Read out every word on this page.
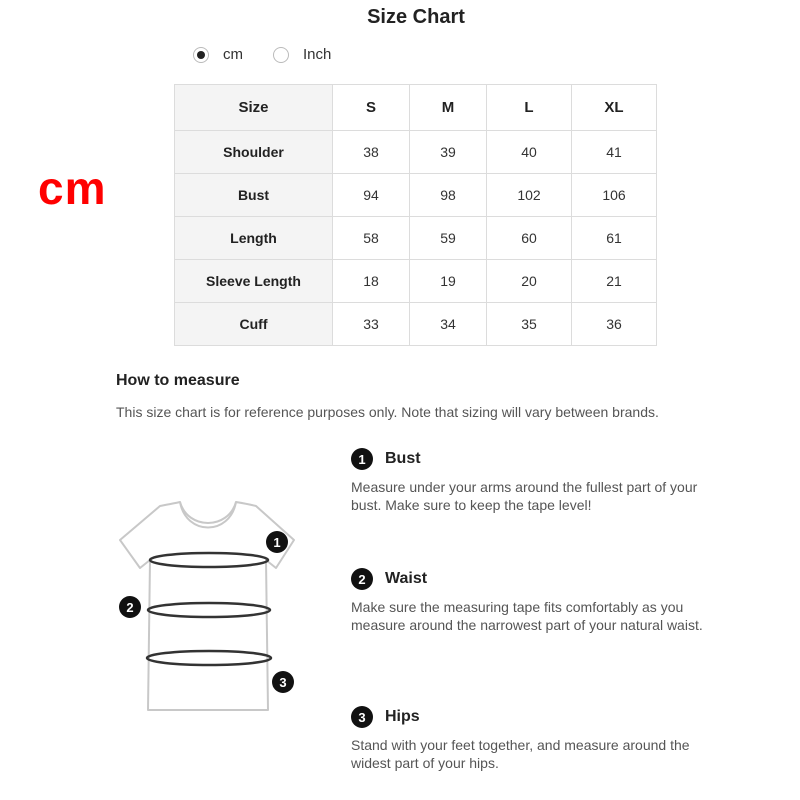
Size Chart
cm	Inch
cm
Size	S	M	L	XL
Shoulder	38	39	40	41
Bust	94	98	102	106
Length	58	59	60	61
Sleeve Length	18	19	20	21
Cuff	33	34	35	36
How to measure
This size chart is for reference purposes only. Note that sizing will vary between brands.
1
2
3
1	Bust
Measure under your arms around the fullest part of your bust. Make sure to keep the tape level!
2	Waist
Make sure the measuring tape fits comfortably as you measure around the narrowest part of your natural waist.
3	Hips
Stand with your feet together, and measure around the widest part of your hips.
